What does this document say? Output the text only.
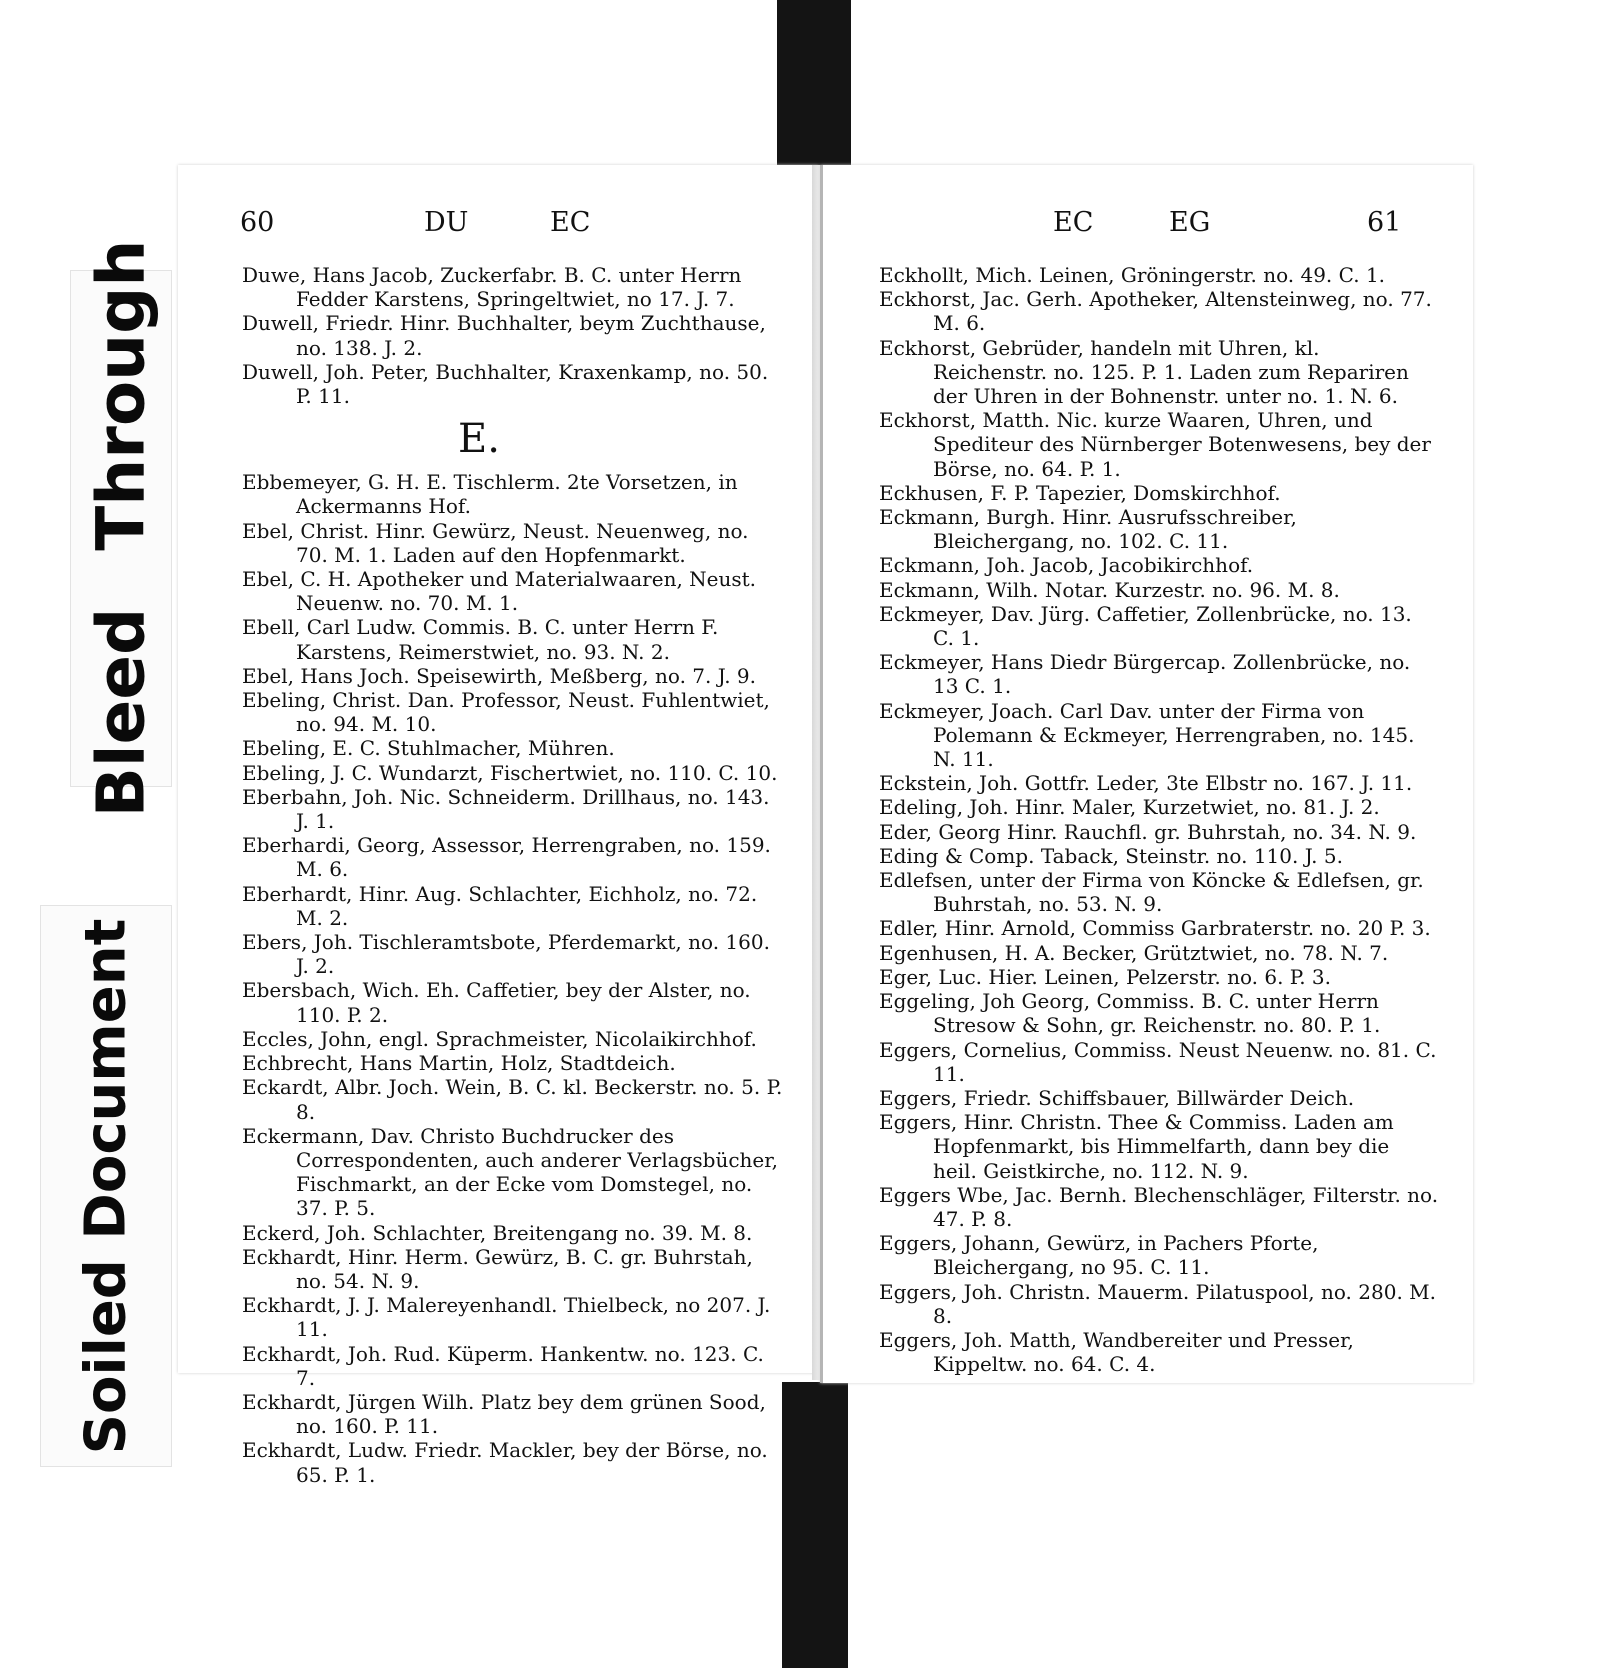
Bleed Through
Soiled Document
60	DU	EC

Duwe, Hans Jacob, Zuckerfabr. B. C. unter Herrn Fedder Karstens, Springeltwiet, no 17. J. 7.

Duwell, Friedr. Hinr. Buchhalter, beym Zuchthause, no. 138. J. 2.

Duwell, Joh. Peter, Buchhalter, Kraxenkamp, no. 50. P. 11.

E.

Ebbemeyer, G. H. E. Tischlerm. 2te Vorsetzen, in Ackermanns Hof.

Ebel, Christ. Hinr. Gewürz, Neust. Neuenweg, no. 70. M. 1. Laden auf den Hopfenmarkt.

Ebel, C. H. Apotheker und Materialwaaren, Neust. Neuenw. no. 70. M. 1.

Ebell, Carl Ludw. Commis. B. C. unter Herrn F. Karstens, Reimerstwiet, no. 93. N. 2.

Ebel, Hans Joch. Speisewirth, Meßberg, no. 7. J. 9.

Ebeling, Christ. Dan. Professor, Neust. Fuhlentwiet, no. 94. M. 10.

Ebeling, E. C. Stuhlmacher, Mühren.

Ebeling, J. C. Wundarzt, Fischertwiet, no. 110. C. 10.

Eberbahn, Joh. Nic. Schneiderm. Drillhaus, no. 143. J. 1.

Eberhardi, Georg, Assessor, Herrengraben, no. 159. M. 6.

Eberhardt, Hinr. Aug. Schlachter, Eichholz, no. 72. M. 2.

Ebers, Joh. Tischleramtsbote, Pferdemarkt, no. 160. J. 2.

Ebersbach, Wich. Eh. Caffetier, bey der Alster, no. 110. P. 2.

Eccles, John, engl. Sprachmeister, Nicolaikirchhof.

Echbrecht, Hans Martin, Holz, Stadtdeich.

Eckardt, Albr. Joch. Wein, B. C. kl. Beckerstr. no. 5. P. 8.

Eckermann, Dav. Christo Buchdrucker des Correspondenten, auch anderer Verlagsbücher, Fischmarkt, an der Ecke vom Domstegel, no. 37. P. 5.

Eckerd, Joh. Schlachter, Breitengang no. 39. M. 8.

Eckhardt, Hinr. Herm. Gewürz, B. C. gr. Buhrstah, no. 54. N. 9.

Eckhardt, J. J. Malereyenhandl. Thielbeck, no 207. J. 11.

Eckhardt, Joh. Rud. Küperm. Hankentw. no. 123. C. 7.

Eckhardt, Jürgen Wilh. Platz bey dem grünen Sood, no. 160. P. 11.

Eckhardt, Ludw. Friedr. Mackler, bey der Börse, no. 65. P. 1.

EC	EG	61

Eckhollt, Mich. Leinen, Gröningerstr. no. 49. C. 1.

Eckhorst, Jac. Gerh. Apotheker, Altensteinweg, no. 77. M. 6.

Eckhorst, Gebrüder, handeln mit Uhren, kl. Reichenstr. no. 125. P. 1. Laden zum Repariren der Uhren in der Bohnenstr. unter no. 1. N. 6.

Eckhorst, Matth. Nic. kurze Waaren, Uhren, und Spediteur des Nürnberger Botenwesens, bey der Börse, no. 64. P. 1.

Eckhusen, F. P. Tapezier, Domskirchhof.

Eckmann, Burgh. Hinr. Ausrufsschreiber, Bleichergang, no. 102. C. 11.

Eckmann, Joh. Jacob, Jacobikirchhof.

Eckmann, Wilh. Notar. Kurzestr. no. 96. M. 8.

Eckmeyer, Dav. Jürg. Caffetier, Zollenbrücke, no. 13. C. 1.

Eckmeyer, Hans Diedr Bürgercap. Zollenbrücke, no. 13 C. 1.

Eckmeyer, Joach. Carl Dav. unter der Firma von Polemann & Eckmeyer, Herrengraben, no. 145. N. 11.

Eckstein, Joh. Gottfr. Leder, 3te Elbstr no. 167. J. 11.

Edeling, Joh. Hinr. Maler, Kurzetwiet, no. 81. J. 2.

Eder, Georg Hinr. Rauchfl. gr. Buhrstah, no. 34. N. 9.

Eding & Comp. Taback, Steinstr. no. 110. J. 5.

Edlefsen, unter der Firma von Köncke & Edlefsen, gr. Buhrstah, no. 53. N. 9.

Edler, Hinr. Arnold, Commiss Garbraterstr. no. 20 P. 3.

Egenhusen, H. A. Becker, Grütztwiet, no. 78. N. 7.

Eger, Luc. Hier. Leinen, Pelzerstr. no. 6. P. 3.

Eggeling, Joh Georg, Commiss. B. C. unter Herrn Stresow & Sohn, gr. Reichenstr. no. 80. P. 1.

Eggers, Cornelius, Commiss. Neust Neuenw. no. 81. C. 11.

Eggers, Friedr. Schiffsbauer, Billwärder Deich.

Eggers, Hinr. Christn. Thee & Commiss. Laden am Hopfenmarkt, bis Himmelfarth, dann bey die heil. Geistkirche, no. 112. N. 9.

Eggers Wbe, Jac. Bernh. Blechenschläger, Filterstr. no. 47. P. 8.

Eggers, Johann, Gewürz, in Pachers Pforte, Bleichergang, no 95. C. 11.

Eggers, Joh. Christn. Mauerm. Pilatuspool, no. 280. M. 8.

Eggers, Joh. Matth, Wandbereiter und Presser, Kippeltw. no. 64. C. 4.
